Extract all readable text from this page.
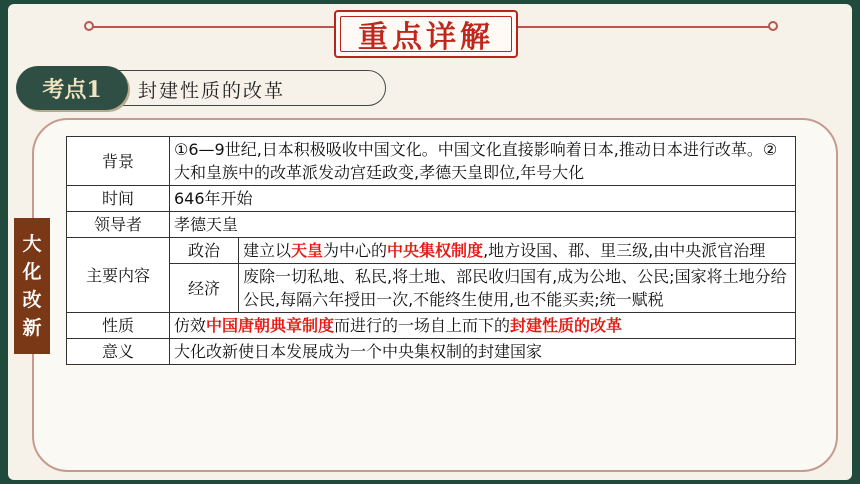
重点详解
考点1 封建性质的改革
大
化
改
新
背景	①6—9世纪,日本积极吸收中国文化。中国文化直接影响着日本,推动日本进行改革。②大和皇族中的改革派发动宫廷政变,孝德天皇即位,年号大化	
时间	646年开始	
领导者	孝德天皇	
主要内容	政治	建立以天皇为中心的中央集权制度,地方设国、郡、里三级,由中央派官治理
	经济	废除一切私地、私民,将土地、部民收归国有,成为公地、公民;国家将土地分给公民,每隔六年授田一次,不能终生使用,也不能买卖;统一赋税
性质	仿效中国唐朝典章制度而进行的一场自上而下的封建性质的改革	
意义	大化改新使日本发展成为一个中央集权制的封建国家	
